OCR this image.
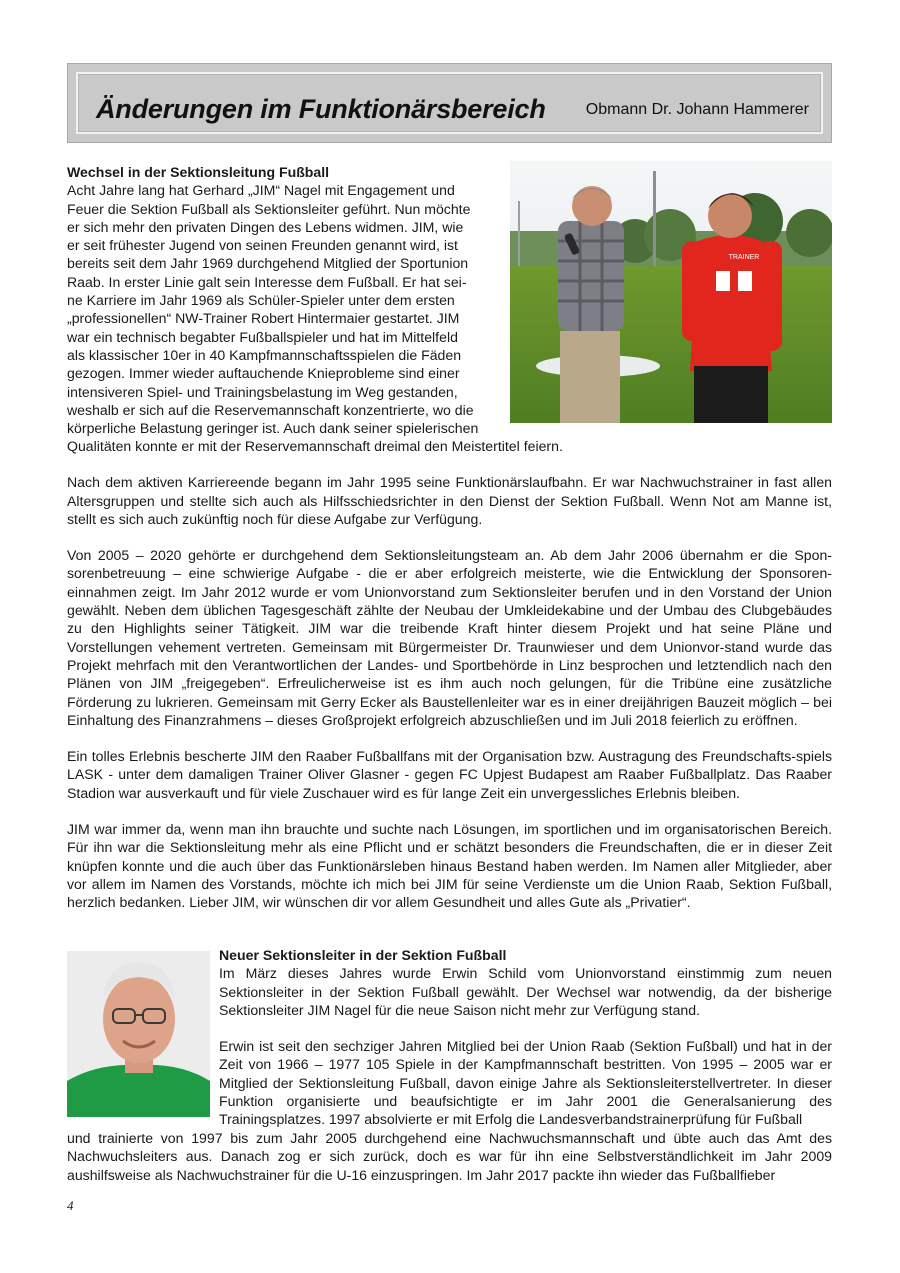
Änderungen im Funktionärsbereich	Obmann Dr. Johann Hammerer

Wechsel in der Sektionsleitung Fußball

Acht Jahre lang hat Gerhard „JIM“ Nagel mit Engagement und

Feuer die Sektion Fußball als Sektionsleiter geführt. Nun möchte

er sich mehr den privaten Dingen des Lebens widmen. JIM, wie

er seit frühester Jugend von seinen Freunden genannt wird, ist

bereits seit dem Jahr 1969 durchgehend Mitglied der Sportunion

Raab. In erster Linie galt sein Interesse dem Fußball. Er hat sei-

ne Karriere im Jahr 1969 als Schüler-Spieler unter dem ersten

„professionellen“ NW-Trainer Robert Hintermaier gestartet. JIM

war ein technisch begabter Fußballspieler und hat im Mittelfeld

als klassischer 10er in 40 Kampfmannschaftsspielen die Fäden

gezogen. Immer wieder auftauchende Knieprobleme sind einer

intensiveren Spiel- und Trainingsbelastung im Weg gestanden,

weshalb er sich auf die Reservemannschaft konzentrierte, wo die

körperliche Belastung geringer ist. Auch dank seiner spielerischen

TRAINER

Qualitäten konnte er mit der Reservemannschaft dreimal den Meistertitel feiern.

Nach dem aktiven Karriereende begann im Jahr 1995 seine Funktionärslaufbahn. Er war Nachwuchstrainer in fast allen Altersgruppen und stellte sich auch als Hilfsschiedsrichter in den Dienst der Sektion Fußball. Wenn Not am Manne ist, stellt es sich auch zukünftig noch für diese Aufgabe zur Verfügung.

Von 2005 – 2020 gehörte er durchgehend dem Sektionsleitungsteam an. Ab dem Jahr 2006 übernahm er die Spon-sorenbetreuung – eine schwierige Aufgabe - die er aber erfolgreich meisterte, wie die Entwicklung der Sponsoren-einnahmen zeigt. Im Jahr 2012 wurde er vom Unionvorstand zum Sektionsleiter berufen und in den Vorstand der Union gewählt. Neben dem üblichen Tagesgeschäft zählte der Neubau der Umkleidekabine und der Umbau des Clubgebäudes zu den Highlights seiner Tätigkeit. JIM war die treibende Kraft hinter diesem Projekt und hat seine Pläne und Vorstellungen vehement vertreten. Gemeinsam mit Bürgermeister Dr. Traunwieser und dem Unionvor-stand wurde das Projekt mehrfach mit den Verantwortlichen der Landes- und Sportbehörde in Linz besprochen und letztendlich nach den Plänen von JIM „freigegeben“. Erfreulicherweise ist es ihm auch noch gelungen, für die Tribüne eine zusätzliche Förderung zu lukrieren. Gemeinsam mit Gerry Ecker als Baustellenleiter war es in einer dreijährigen Bauzeit möglich – bei Einhaltung des Finanzrahmens – dieses Großprojekt erfolgreich abzuschließen und im Juli 2018 feierlich zu eröffnen.

Ein tolles Erlebnis bescherte JIM den Raaber Fußballfans mit der Organisation bzw. Austragung des Freundschafts-spiels LASK - unter dem damaligen Trainer Oliver Glasner - gegen FC Upjest Budapest am Raaber Fußballplatz. Das Raaber Stadion war ausverkauft und für viele Zuschauer wird es für lange Zeit ein unvergessliches Erlebnis bleiben.

JIM war immer da, wenn man ihn brauchte und suchte nach Lösungen, im sportlichen und im organisatorischen Bereich. Für ihn war die Sektionsleitung mehr als eine Pflicht und er schätzt besonders die Freundschaften, die er in dieser Zeit knüpfen konnte und die auch über das Funktionärsleben hinaus Bestand haben werden. Im Namen aller Mitglieder, aber vor allem im Namen des Vorstands, möchte ich mich bei JIM für seine Verdienste um die Union Raab, Sektion Fußball, herzlich bedanken. Lieber JIM, wir wünschen dir vor allem Gesundheit und alles Gute als „Privatier“.

Neuer Sektionsleiter in der Sektion Fußball

Im März dieses Jahres wurde Erwin Schild vom Unionvorstand einstimmig zum neuen Sektionsleiter in der Sektion Fußball gewählt. Der Wechsel war notwendig, da der bisherige Sektionsleiter JIM Nagel für die neue Saison nicht mehr zur Verfügung stand.

Erwin ist seit den sechziger Jahren Mitglied bei der Union Raab (Sektion Fußball) und hat in der Zeit von 1966 – 1977 105 Spiele in der Kampfmannschaft bestritten. Von 1995 – 2005 war er Mitglied der Sektionsleitung Fußball, davon einige Jahre als Sektionsleiterstellvertreter. In dieser Funktion organisierte und beaufsichtigte er im Jahr 2001 die Generalsanierung des Trainingsplatzes. 1997 absolvierte er mit Erfolg die Landesverbandstrainerprüfung für Fußball

und trainierte von 1997 bis zum Jahr 2005 durchgehend eine Nachwuchsmannschaft und übte auch das Amt des Nachwuchsleiters aus. Danach zog er sich zurück, doch es war für ihn eine Selbstverständlichkeit im Jahr 2009 aushilfsweise als Nachwuchstrainer für die U-16 einzuspringen. Im Jahr 2017 packte ihn wieder das Fußballfieber

4
